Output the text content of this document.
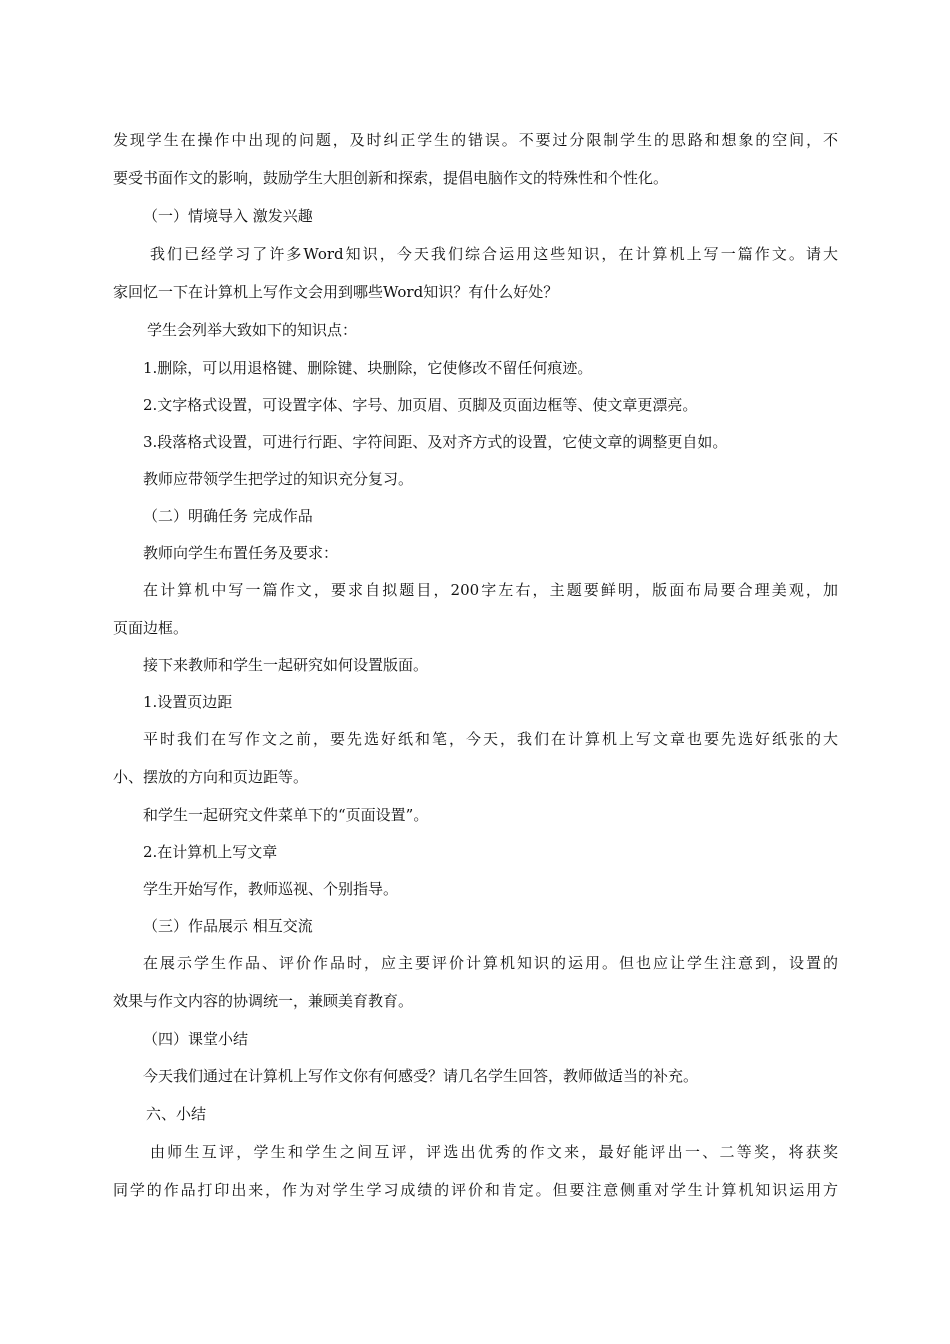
发现学生在操作中出现的问题，及时纠正学生的错误。不要过分限制学生的思路和想象的空间，不
要受书面作文的影响，鼓励学生大胆创新和探索，提倡电脑作文的特殊性和个性化。
（一）情境导入 激发兴趣
我们已经学习了许多Word知识，今天我们综合运用这些知识，在计算机上写一篇作文。请大
家回忆一下在计算机上写作文会用到哪些Word知识？有什么好处？
学生会列举大致如下的知识点：
1.删除，可以用退格键、删除键、块删除，它使修改不留任何痕迹。
2.文字格式设置，可设置字体、字号、加页眉、页脚及页面边框等、使文章更漂亮。
3.段落格式设置，可进行行距、字符间距、及对齐方式的设置，它使文章的调整更自如。
教师应带领学生把学过的知识充分复习。
（二）明确任务 完成作品
教师向学生布置任务及要求：
在计算机中写一篇作文，要求自拟题目，200字左右，主题要鲜明，版面布局要合理美观，加
页面边框。
接下来教师和学生一起研究如何设置版面。
1.设置页边距
平时我们在写作文之前，要先选好纸和笔，今天，我们在计算机上写文章也要先选好纸张的大
小、摆放的方向和页边距等。
和学生一起研究文件菜单下的“页面设置”。
2.在计算机上写文章
学生开始写作，教师巡视、个别指导。
（三）作品展示 相互交流
在展示学生作品、评价作品时，应主要评价计算机知识的运用。但也应让学生注意到，设置的
效果与作文内容的协调统一，兼顾美育教育。
（四）课堂小结
今天我们通过在计算机上写作文你有何感受？请几名学生回答，教师做适当的补充。
六、小结
由师生互评，学生和学生之间互评，评选出优秀的作文来，最好能评出一、二等奖，将获奖
同学的作品打印出来，作为对学生学习成绩的评价和肯定。但要注意侧重对学生计算机知识运用方
